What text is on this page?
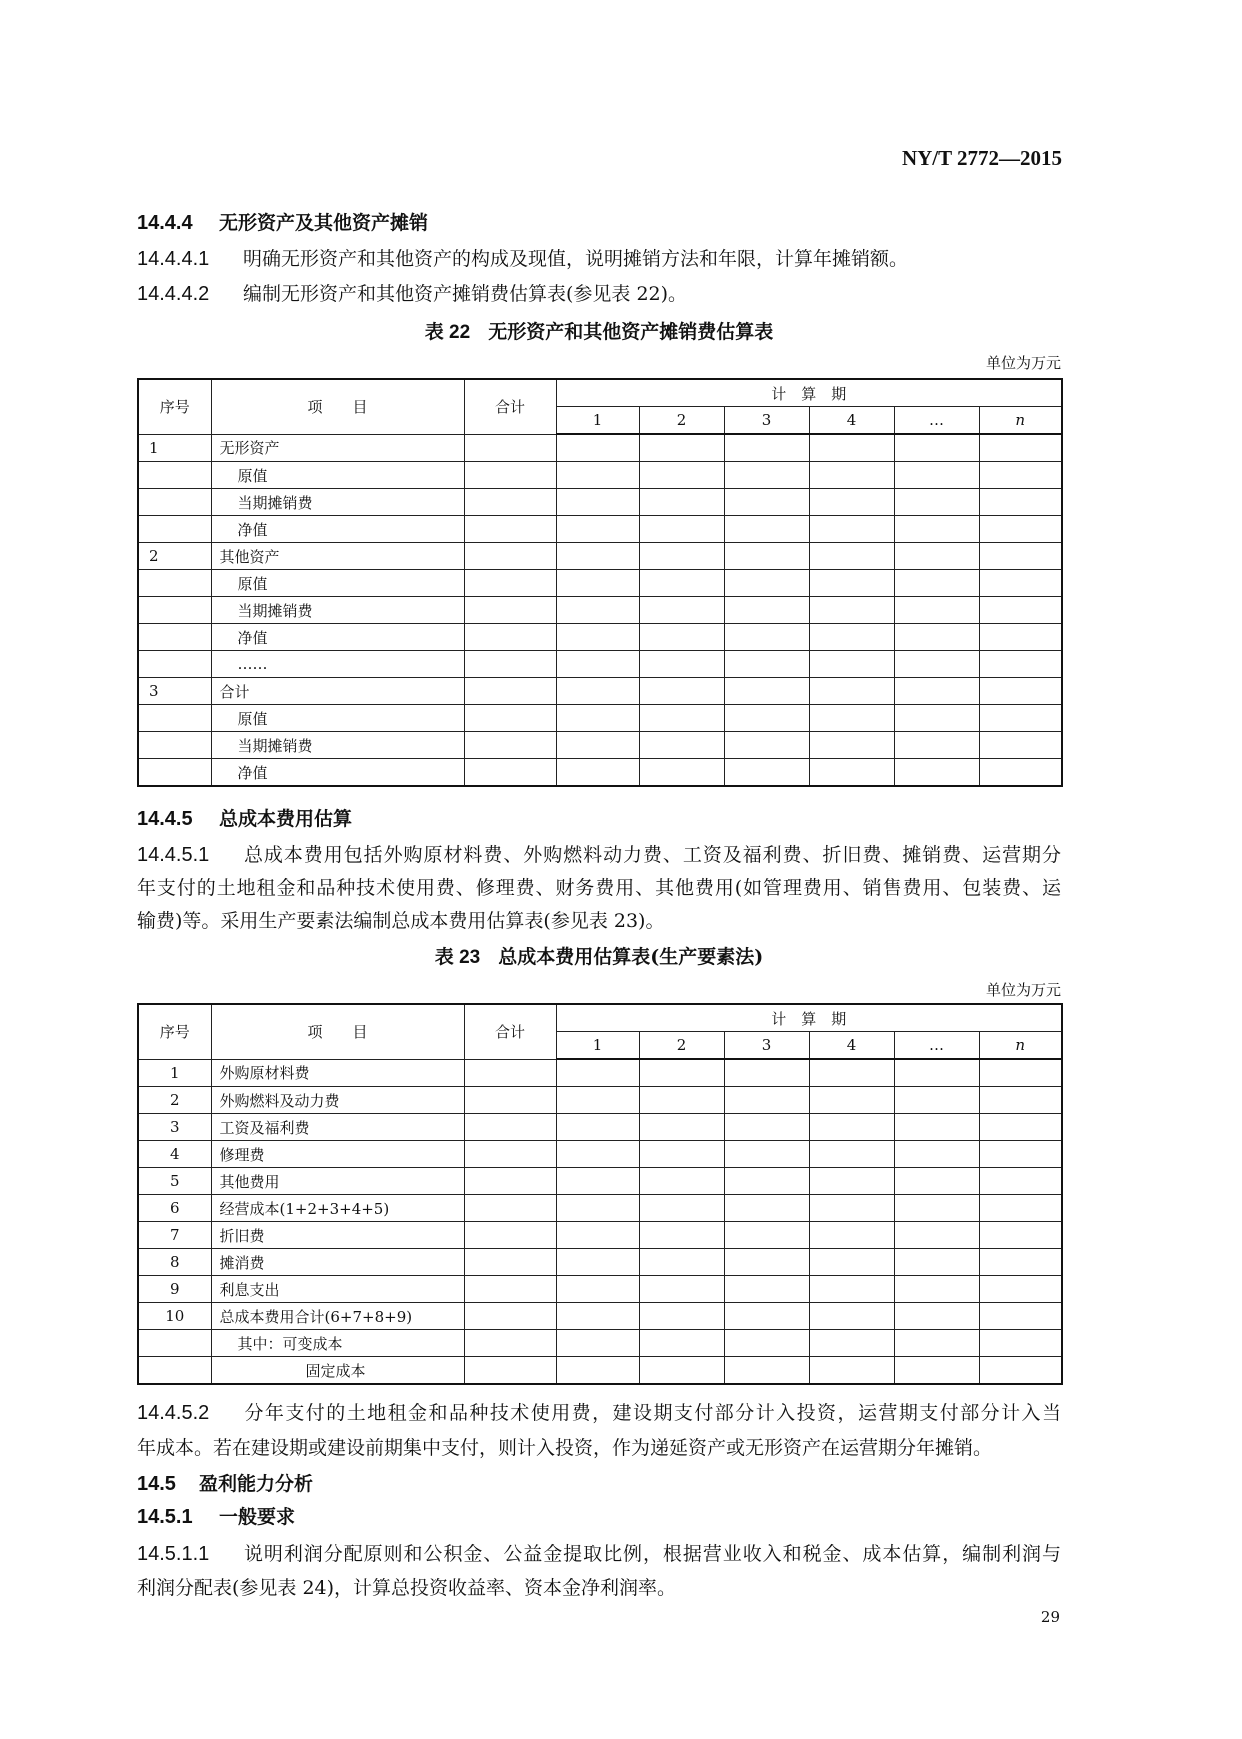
NY/T 2772—2015
14.4.4 无形资产及其他资产摊销
14.4.4.1 明确无形资产和其他资产的构成及现值，说明摊销方法和年限，计算年摊销额。
14.4.4.2 编制无形资产和其他资产摊销费估算表(参见表 22)。
表 22 无形资产和其他资产摊销费估算表
单位为万元
序号	项　　目	合计	计　算　期					
			1	2	3	4	…	n
1	无形资产							
	原值							
	当期摊销费							
	净值							
2	其他资产							
	原值							
	当期摊销费							
	净值							
	……							
3	合计							
	原值							
	当期摊销费							
	净值							
14.4.5 总成本费用估算
14.4.5.1 总成本费用包括外购原材料费、外购燃料动力费、工资及福利费、折旧费、摊销费、运营期分
年支付的土地租金和品种技术使用费、修理费、财务费用、其他费用(如管理费用、销售费用、包装费、运
输费)等。采用生产要素法编制总成本费用估算表(参见表 23)。
表 23 总成本费用估算表(生产要素法)
单位为万元
序号	项　　目	合计	计　算　期					
			1	2	3	4	…	n
1	外购原材料费							
2	外购燃料及动力费							
3	工资及福利费							
4	修理费							
5	其他费用							
6	经营成本(1+2+3+4+5)							
7	折旧费							
8	摊消费							
9	利息支出							
10	总成本费用合计(6+7+8+9)							
	其中：可变成本							
	固定成本							
14.4.5.2 分年支付的土地租金和品种技术使用费，建设期支付部分计入投资，运营期支付部分计入当
年成本。若在建设期或建设前期集中支付，则计入投资，作为递延资产或无形资产在运营期分年摊销。
14.5 盈利能力分析
14.5.1 一般要求
14.5.1.1 说明利润分配原则和公积金、公益金提取比例，根据营业收入和税金、成本估算，编制利润与
利润分配表(参见表 24)，计算总投资收益率、资本金净利润率。
29
